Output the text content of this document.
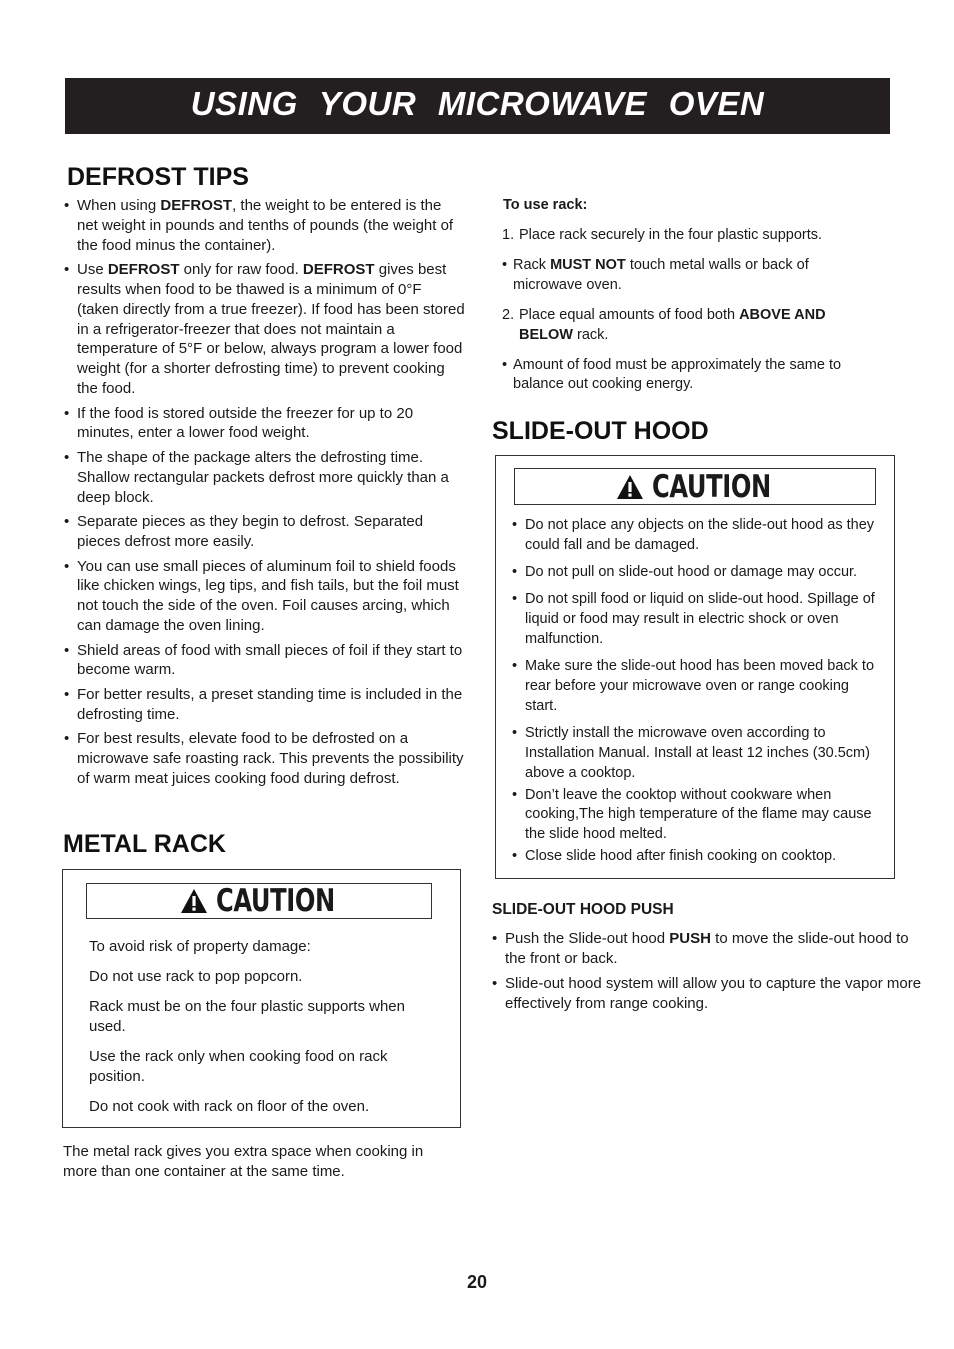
USING YOUR MICROWAVE OVEN
DEFROST TIPS
• When using DEFROST, the weight to be entered is the net weight in pounds and tenths of pounds (the weight of the food minus the container).
• Use DEFROST only for raw food. DEFROST gives best results when food to be thawed is a minimum of 0°F (taken directly from a true freezer). If food has been stored in a refrigerator-freezer that does not maintain a temperature of 5°F or below, always program a lower food weight (for a shorter defrosting time) to prevent cooking the food.
• If the food is stored outside the freezer for up to 20 minutes, enter a lower food weight.
• The shape of the package alters the defrosting time. Shallow rectangular packets defrost more quickly than a deep block.
• Separate pieces as they begin to defrost. Separated pieces defrost more easily.
• You can use small pieces of aluminum foil to shield foods like chicken wings, leg tips, and fish tails, but the foil must not touch the side of the oven. Foil causes arcing, which can damage the oven lining.
• Shield areas of food with small pieces of foil if they start to become warm.
• For better results, a preset standing time is included in the defrosting time.
• For best results, elevate food to be defrosted on a microwave safe roasting rack. This prevents the possibility of warm meat juices cooking food during defrost.
METAL RACK
CAUTION

To avoid risk of property damage:

Do not use rack to pop popcorn.

Rack must be on the four plastic supports when used.

Use the rack only when cooking food on rack position.

Do not cook with rack on floor of the oven.

The metal rack gives you extra space when cooking in more than one container at the same time.

To use rack:

1. Place rack securely in the four plastic supports.
• Rack MUST NOT touch metal walls or back of microwave oven.
2. Place equal amounts of food both ABOVE AND BELOW rack.
• Amount of food must be approximately the same to balance out cooking energy.
SLIDE-OUT HOOD
CAUTION
• Do not place any objects on the slide-out hood as they could fall and be damaged.
• Do not pull on slide-out hood or damage may occur.
• Do not spill food or liquid on slide-out hood. Spillage of liquid or food may result in electric shock or oven malfunction.
• Make sure the slide-out hood has been moved back to rear before your microwave oven or range cooking start.
• Strictly install the microwave oven according to Installation Manual. Install at least 12 inches (30.5cm) above a cooktop.
• Don’t leave the cooktop without cookware when cooking,The high temperature of the flame may cause the slide hood melted.
• Close slide hood after finish cooking on cooktop.

SLIDE-OUT HOOD PUSH

• Push the Slide-out hood PUSH to move the slide-out hood to the front or back.
• Slide-out hood system will allow you to capture the vapor more effectively from range cooking.
20
